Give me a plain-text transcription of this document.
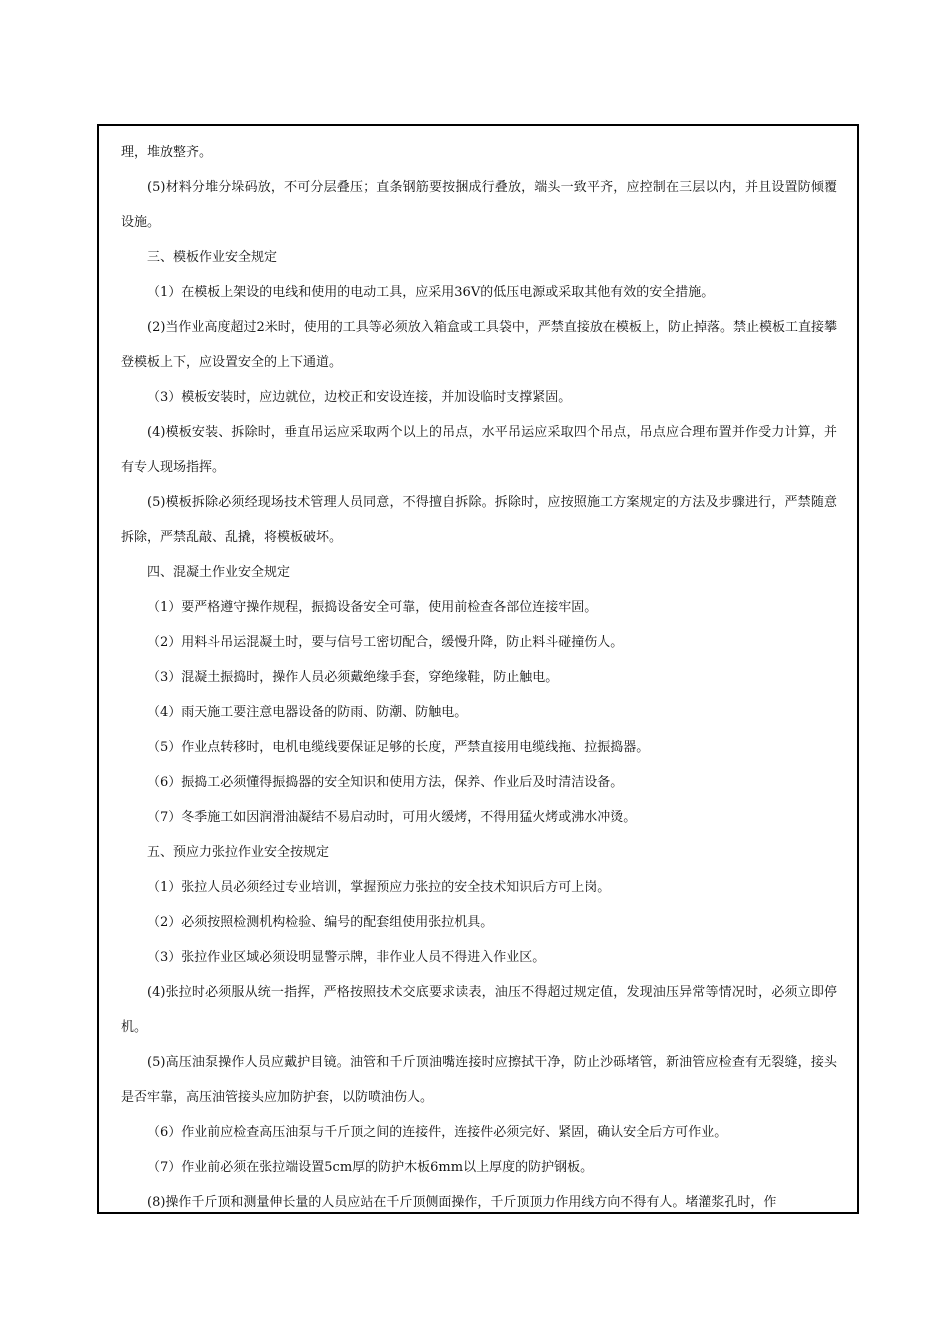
理，堆放整齐。

(5)材料分堆分垛码放，不可分层叠压；直条钢筋要按捆成行叠放，端头一致平齐，应控制在三层以内，并且设置防倾覆设施。

三、模板作业安全规定

（1）在模板上架设的电线和使用的电动工具，应采用36V的低压电源或采取其他有效的安全措施。

(2)当作业高度超过2米时，使用的工具等必须放入箱盒或工具袋中，严禁直接放在模板上，防止掉落。禁止模板工直接攀登模板上下，应设置安全的上下通道。

（3）模板安装时，应边就位，边校正和安设连接，并加设临时支撑紧固。

(4)模板安装、拆除时，垂直吊运应采取两个以上的吊点，水平吊运应采取四个吊点，吊点应合理布置并作受力计算，并有专人现场指挥。

(5)模板拆除必须经现场技术管理人员同意，不得擅自拆除。拆除时，应按照施工方案规定的方法及步骤进行，严禁随意拆除，严禁乱敲、乱撬，将模板破坏。

四、混凝土作业安全规定

（1）要严格遵守操作规程，振捣设备安全可靠，使用前检查各部位连接牢固。

（2）用料斗吊运混凝土时，要与信号工密切配合，缓慢升降，防止料斗碰撞伤人。

（3）混凝土振捣时，操作人员必须戴绝缘手套，穿绝缘鞋，防止触电。

（4）雨天施工要注意电器设备的防雨、防潮、防触电。

（5）作业点转移时，电机电缆线要保证足够的长度，严禁直接用电缆线拖、拉振捣器。

（6）振捣工必须懂得振捣器的安全知识和使用方法，保养、作业后及时清洁设备。

（7）冬季施工如因润滑油凝结不易启动时，可用火缓烤，不得用猛火烤或沸水冲烫。

五、预应力张拉作业安全按规定

（1）张拉人员必须经过专业培训，掌握预应力张拉的安全技术知识后方可上岗。

（2）必须按照检测机构检验、编号的配套组使用张拉机具。

（3）张拉作业区域必须设明显警示牌，非作业人员不得进入作业区。

(4)张拉时必须服从统一指挥，严格按照技术交底要求读表，油压不得超过规定值，发现油压异常等情况时，必须立即停机。

(5)高压油泵操作人员应戴护目镜。油管和千斤顶油嘴连接时应擦拭干净，防止沙砾堵管，新油管应检查有无裂缝，接头是否牢靠，高压油管接头应加防护套，以防喷油伤人。

（6）作业前应检查高压油泵与千斤顶之间的连接件，连接件必须完好、紧固，确认安全后方可作业。

（7）作业前必须在张拉端设置5cm厚的防护木板6mm以上厚度的防护钢板。

(8)操作千斤顶和测量伸长量的人员应站在千斤顶侧面操作，千斤顶顶力作用线方向不得有人。堵灌浆孔时，作
